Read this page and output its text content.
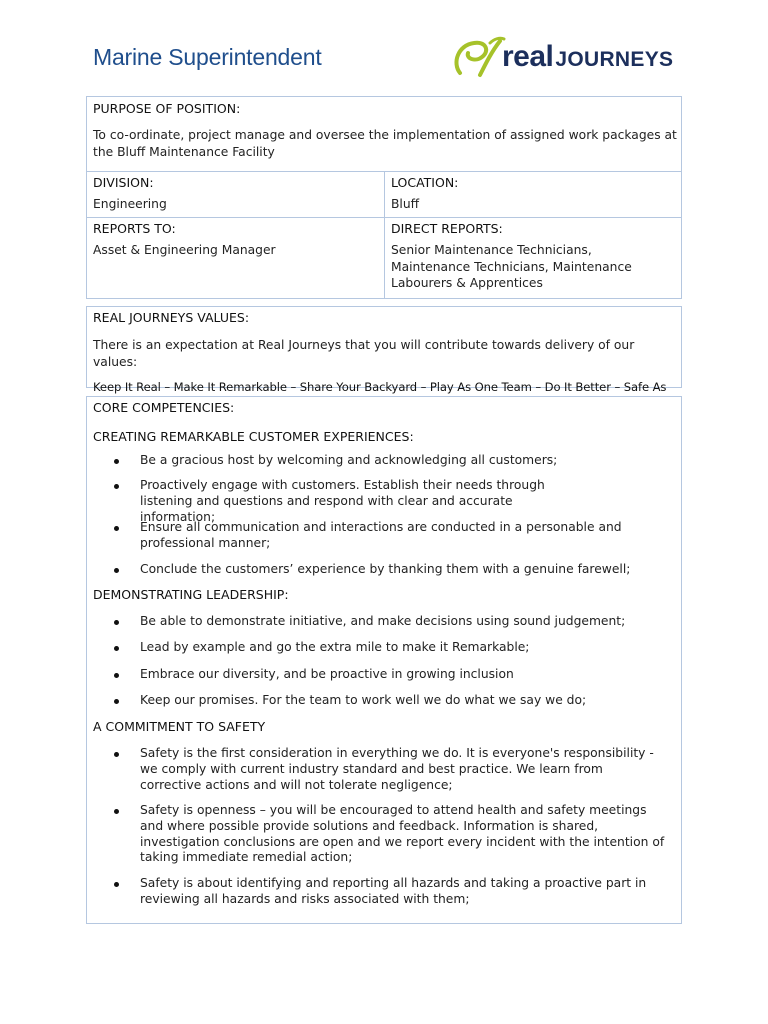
Marine Superintendent	realJOURNEYS
PURPOSE OF POSITION:
To co-ordinate, project manage and oversee the implementation of assigned work packages at the Bluff Maintenance Facility
DIVISION:
Engineering
LOCATION:
Bluff
REPORTS TO:
Asset & Engineering Manager
DIRECT REPORTS:
Senior Maintenance Technicians, Maintenance Technicians, Maintenance Labourers & Apprentices
REAL JOURNEYS VALUES:
There is an expectation at Real Journeys that you will contribute towards delivery of our values:
Keep It Real – Make It Remarkable – Share Your Backyard – Play As One Team – Do It Better – Safe As
CORE COMPETENCIES:
CREATING REMARKABLE CUSTOMER EXPERIENCES:
Be a gracious host by welcoming and acknowledging all customers;
Proactively engage with customers. Establish their needs through listening and questions and respond with clear and accurate information;
Ensure all communication and interactions are conducted in a personable and professional manner;
Conclude the customers’ experience by thanking them with a genuine farewell;
DEMONSTRATING LEADERSHIP:
Be able to demonstrate initiative, and make decisions using sound judgement;
Lead by example and go the extra mile to make it Remarkable;
Embrace our diversity, and be proactive in growing inclusion
Keep our promises. For the team to work well we do what we say we do;
A COMMITMENT TO SAFETY
Safety is the first consideration in everything we do. It is everyone's responsibility - we comply with current industry standard and best practice. We learn from corrective actions and will not tolerate negligence;
Safety is openness – you will be encouraged to attend health and safety meetings and where possible provide solutions and feedback. Information is shared, investigation conclusions are open and we report every incident with the intention of taking immediate remedial action;
Safety is about identifying and reporting all hazards and taking a proactive part in reviewing all hazards and risks associated with them;
